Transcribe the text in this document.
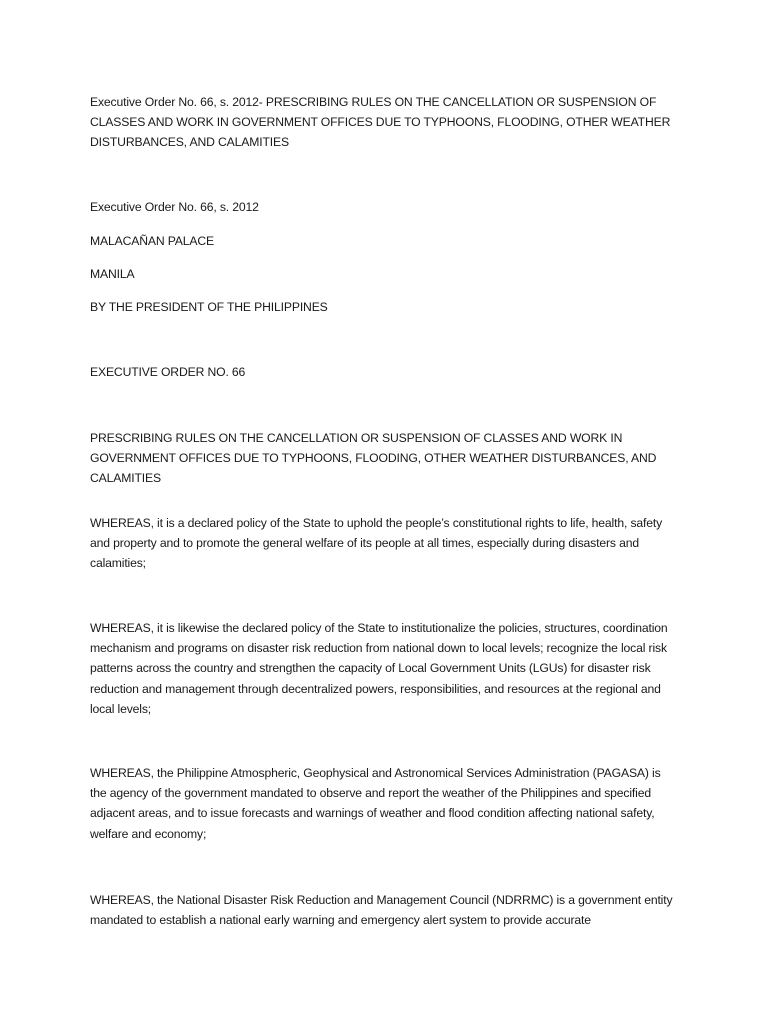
Executive Order No. 66, s. 2012- PRESCRIBING RULES ON THE CANCELLATION OR SUSPENSION OF CLASSES AND WORK IN GOVERNMENT OFFICES DUE TO TYPHOONS, FLOODING, OTHER WEATHER DISTURBANCES, AND CALAMITIES

Executive Order No. 66, s. 2012

MALACAÑAN PALACE

MANILA

BY THE PRESIDENT OF THE PHILIPPINES

EXECUTIVE ORDER NO. 66

PRESCRIBING RULES ON THE CANCELLATION OR SUSPENSION OF CLASSES AND WORK IN GOVERNMENT OFFICES DUE TO TYPHOONS, FLOODING, OTHER WEATHER DISTURBANCES, AND CALAMITIES

WHEREAS, it is a declared policy of the State to uphold the people’s constitutional rights to life, health, safety and property and to promote the general welfare of its people at all times, especially during disasters and calamities;

WHEREAS, it is likewise the declared policy of the State to institutionalize the policies, structures, coordination mechanism and programs on disaster risk reduction from national down to local levels; recognize the local risk patterns across the country and strengthen the capacity of Local Government Units (LGUs) for disaster risk reduction and management through decentralized powers, responsibilities, and resources at the regional and local levels;

WHEREAS, the Philippine Atmospheric, Geophysical and Astronomical Services Administration (PAGASA) is the agency of the government mandated to observe and report the weather of the Philippines and specified adjacent areas, and to issue forecasts and warnings of weather and flood condition affecting national safety, welfare and economy;

WHEREAS, the National Disaster Risk Reduction and Management Council (NDRRMC) is a government entity mandated to establish a national early warning and emergency alert system to provide accurate
